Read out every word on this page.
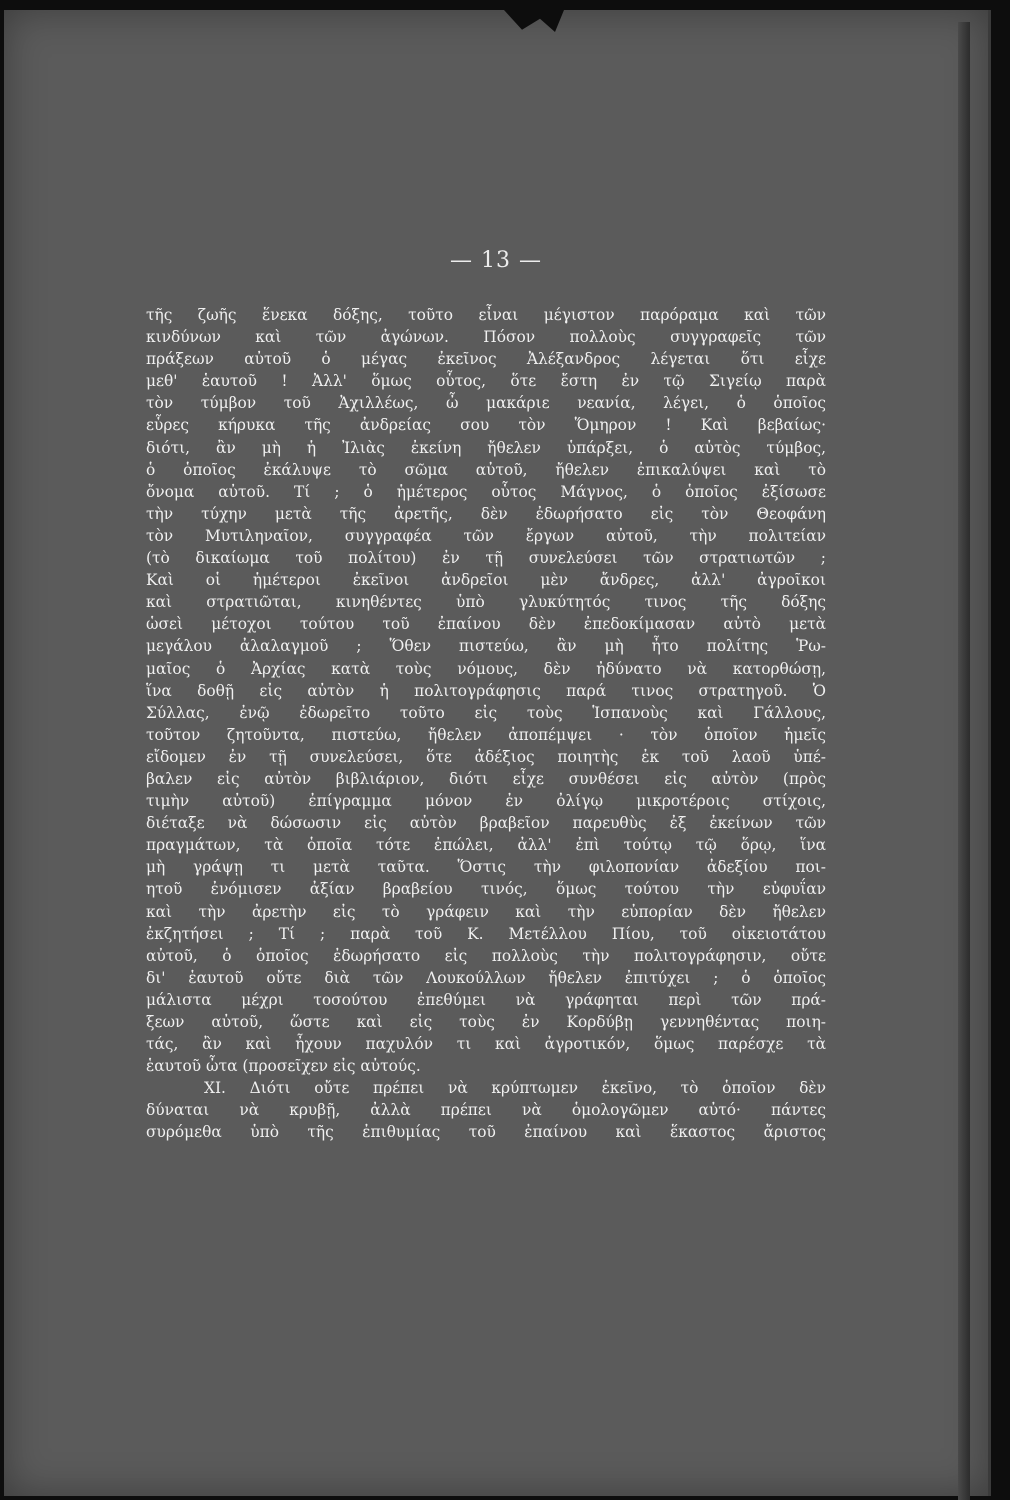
— 13 —
τῆς ζωῆς ἕνεκα δόξης, τοῦτο εἶναι μέγιστον παρόραμα καὶ τῶν
κινδύνων καὶ τῶν ἀγώνων. Πόσον πολλοὺς συγγραφεῖς τῶν
πράξεων αὐτοῦ ὁ μέγας ἐκεῖνος Ἀλέξανδρος λέγεται ὅτι εἶχε
μεθ' ἑαυτοῦ ! Ἀλλ' ὅμως οὗτος, ὅτε ἔστη ἐν τῷ Σιγείῳ παρὰ
τὸν τύμβον τοῦ Ἀχιλλέως, ὦ μακάριε νεανία, λέγει, ὁ ὁποῖος
εὗρες κήρυκα τῆς ἀνδρείας σου τὸν Ὅμηρον ! Καὶ βεβαίως·
διότι, ἂν μὴ ἡ Ἰλιὰς ἐκείνη ἤθελεν ὑπάρξει, ὁ αὐτὸς τύμβος,
ὁ ὁποῖος ἐκάλυψε τὸ σῶμα αὐτοῦ, ἤθελεν ἐπικαλύψει καὶ τὸ
ὄνομα αὐτοῦ. Τί ; ὁ ἡμέτερος οὗτος Μάγνος, ὁ ὁποῖος ἐξίσωσε
τὴν τύχην μετὰ τῆς ἀρετῆς, δὲν ἐδωρήσατο εἰς τὸν Θεοφάνη
τὸν Μυτιληναῖον, συγγραφέα τῶν ἔργων αὐτοῦ, τὴν πολιτείαν
(τὸ δικαίωμα τοῦ πολίτου) ἐν τῇ συνελεύσει τῶν στρατιωτῶν ;
Καὶ οἱ ἡμέτεροι ἐκεῖνοι ἀνδρεῖοι μὲν ἄνδρες, ἀλλ' ἀγροῖκοι
καὶ στρατιῶται, κινηθέντες ὑπὸ γλυκύτητός τινος τῆς δόξης
ὡσεὶ μέτοχοι τούτου τοῦ ἐπαίνου δὲν ἐπεδοκίμασαν αὐτὸ μετὰ
μεγάλου ἀλαλαγμοῦ ; Ὅθεν πιστεύω, ἂν μὴ ἦτο πολίτης Ῥω-
μαῖος ὁ Ἀρχίας κατὰ τοὺς νόμους, δὲν ἠδύνατο νὰ κατορθώσῃ,
ἵνα δοθῇ εἰς αὐτὸν ἡ πολιτογράφησις παρά τινος στρατηγοῦ. Ὁ
Σύλλας, ἐνῷ ἐδωρεῖτο τοῦτο εἰς τοὺς Ἱσπανοὺς καὶ Γάλλους,
τοῦτον ζητοῦντα, πιστεύω, ἤθελεν ἀποπέμψει · τὸν ὁποῖον ἡμεῖς
εἴδομεν ἐν τῇ συνελεύσει, ὅτε ἀδέξιος ποιητὴς ἐκ τοῦ λαοῦ ὑπέ-
βαλεν εἰς αὐτὸν βιβλιάριον, διότι εἶχε συνθέσει εἰς αὐτὸν (πρὸς
τιμὴν αὐτοῦ) ἐπίγραμμα μόνον ἐν ὀλίγῳ μικροτέροις στίχοις,
διέταξε νὰ δώσωσιν εἰς αὐτὸν βραβεῖον παρευθὺς ἐξ ἐκείνων τῶν
πραγμάτων, τὰ ὁποῖα τότε ἐπώλει, ἀλλ' ἐπὶ τούτῳ τῷ ὅρῳ, ἵνα
μὴ γράψῃ τι μετὰ ταῦτα. Ὅστις τὴν φιλοπονίαν ἀδεξίου ποι-
ητοῦ ἐνόμισεν ἀξίαν βραβείου τινός, ὅμως τούτου τὴν εὐφυΐαν
καὶ τὴν ἀρετὴν εἰς τὸ γράφειν καὶ τὴν εὐπορίαν δὲν ἤθελεν
ἐκζητήσει ; Τί ; παρὰ τοῦ Κ. Μετέλλου Πίου, τοῦ οἰκειοτάτου
αὐτοῦ, ὁ ὁποῖος ἐδωρήσατο εἰς πολλοὺς τὴν πολιτογράφησιν, οὔτε
δι' ἑαυτοῦ οὔτε διὰ τῶν Λουκούλλων ἤθελεν ἐπιτύχει ; ὁ ὁποῖος
μάλιστα μέχρι τοσούτου ἐπεθύμει νὰ γράφηται περὶ τῶν πρά-
ξεων αὐτοῦ, ὥστε καὶ εἰς τοὺς ἐν Κορδύβῃ γεννηθέντας ποιη-
τάς, ἂν καὶ ἦχουν παχυλόν τι καὶ ἀγροτικόν, ὅμως παρέσχε τὰ
ἑαυτοῦ ὦτα (προσεῖχεν εἰς αὐτούς.
XI. Διότι οὔτε πρέπει νὰ κρύπτωμεν ἐκεῖνο, τὸ ὁποῖον δὲν
δύναται νὰ κρυβῇ, ἀλλὰ πρέπει νὰ ὁμολογῶμεν αὐτό· πάντες
συρόμεθα ὑπὸ τῆς ἐπιθυμίας τοῦ ἐπαίνου καὶ ἕκαστος ἄριστος
